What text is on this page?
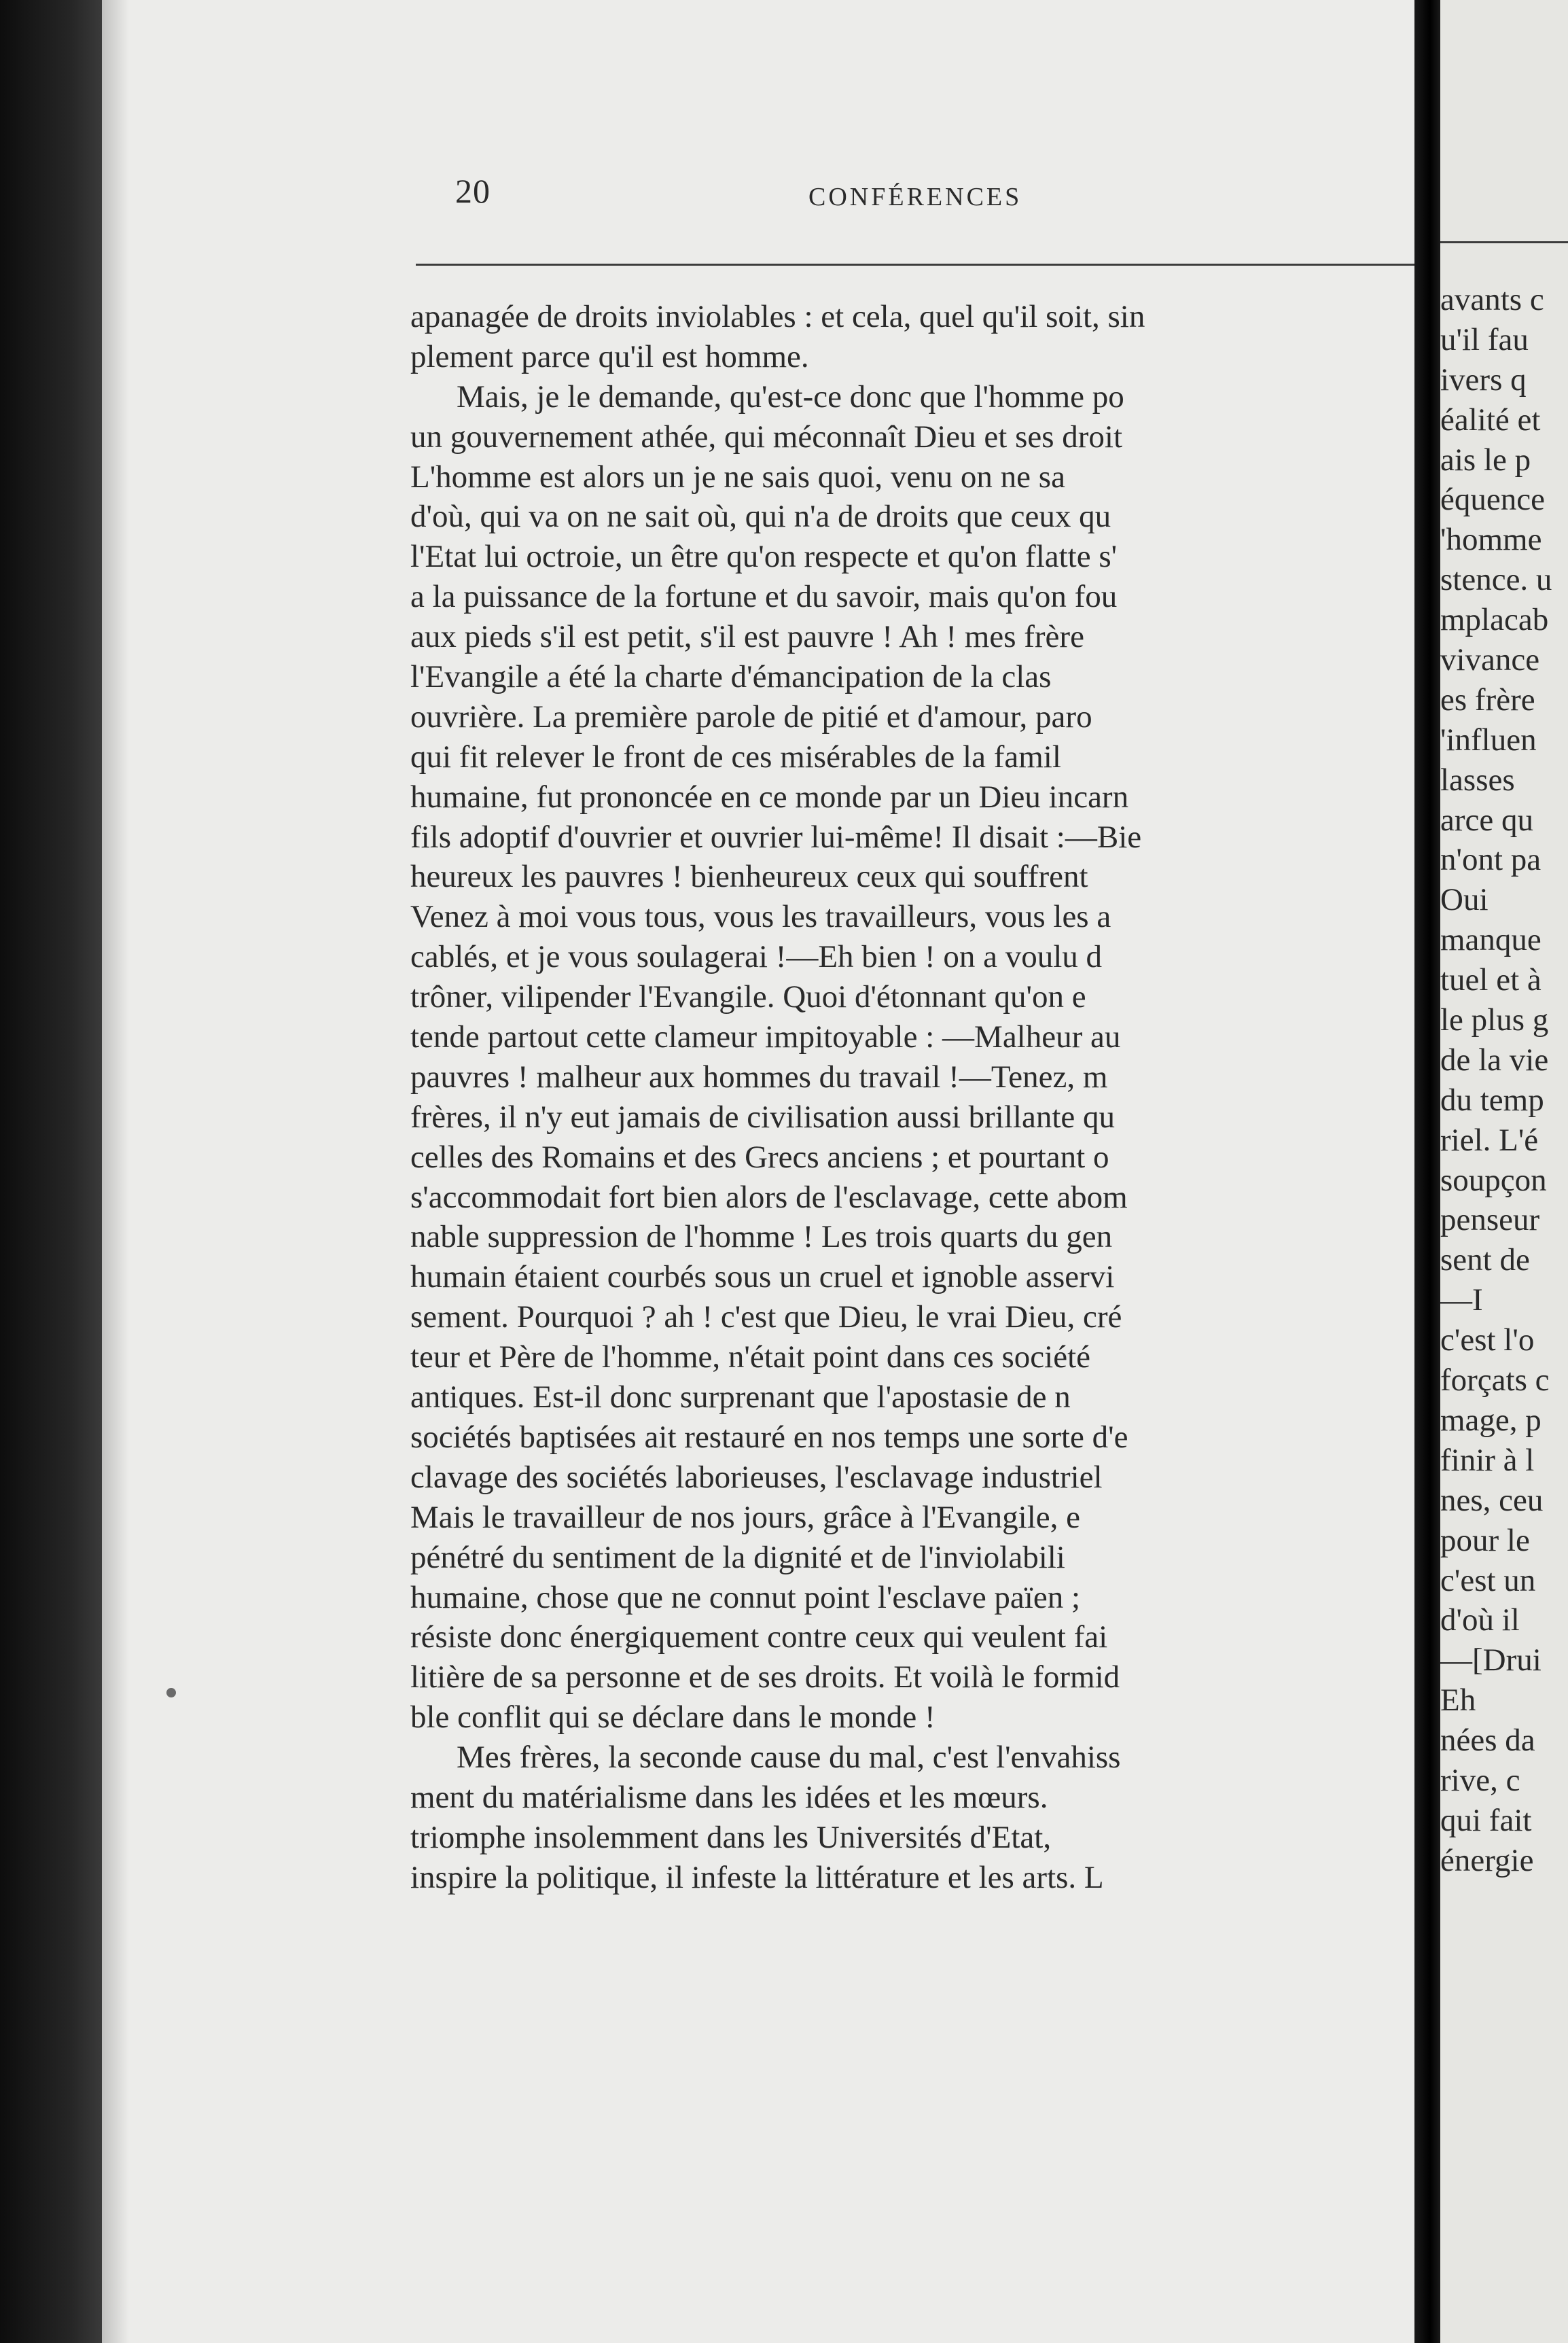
20	CONFÉRENCES
apanagée de droits inviolables : et cela, quel qu'il soit, sin
plement parce qu'il est homme.
Mais, je le demande, qu'est-ce donc que l'homme po
un gouvernement athée, qui méconnaît Dieu et ses droit
L'homme est alors un je ne sais quoi, venu on ne sa
d'où, qui va on ne sait où, qui n'a de droits que ceux qu
l'Etat lui octroie, un être qu'on respecte et qu'on flatte s'
a la puissance de la fortune et du savoir, mais qu'on fou
aux pieds s'il est petit, s'il est pauvre ! Ah ! mes frère
l'Evangile a été la charte d'émancipation de la clas
ouvrière. La première parole de pitié et d'amour, paro
qui fit relever le front de ces misérables de la famil
humaine, fut prononcée en ce monde par un Dieu incarn
fils adoptif d'ouvrier et ouvrier lui-même! Il disait :—Bie
heureux les pauvres ! bienheureux ceux qui souffrent
Venez à moi vous tous, vous les travailleurs, vous les a
cablés, et je vous soulagerai !—Eh bien ! on a voulu d
trôner, vilipender l'Evangile. Quoi d'étonnant qu'on e
tende partout cette clameur impitoyable : —Malheur au
pauvres ! malheur aux hommes du travail !—Tenez, m
frères, il n'y eut jamais de civilisation aussi brillante qu
celles des Romains et des Grecs anciens ; et pourtant o
s'accommodait fort bien alors de l'esclavage, cette abom
nable suppression de l'homme ! Les trois quarts du gen
humain étaient courbés sous un cruel et ignoble asservi
sement. Pourquoi ? ah ! c'est que Dieu, le vrai Dieu, cré
teur et Père de l'homme, n'était point dans ces société
antiques. Est-il donc surprenant que l'apostasie de n
sociétés baptisées ait restauré en nos temps une sorte d'e
clavage des sociétés laborieuses, l'esclavage industriel
Mais le travailleur de nos jours, grâce à l'Evangile, e
pénétré du sentiment de la dignité et de l'inviolabili
humaine, chose que ne connut point l'esclave païen ;
résiste donc énergiquement contre ceux qui veulent fai
litière de sa personne et de ses droits. Et voilà le formid
ble conflit qui se déclare dans le monde !
Mes frères, la seconde cause du mal, c'est l'envahiss
ment du matérialisme dans les idées et les mœurs.
triomphe insolemment dans les Universités d'Etat,
inspire la politique, il infeste la littérature et les arts. L
avants c
u'il fau
ivers q
éalité et
ais le p
équence
'homme
stence. u
mplacab
vivance
es frère
'influen
lasses
arce qu
n'ont pa
Oui
manque
tuel et à
le plus g
de la vie
du temp
riel. L'é
soupçon
penseur
sent de
—I
c'est l'o
forçats c
mage, p
finir à l
nes, ceu
pour le
c'est un
d'où il
—[Drui
Eh
nées da
rive, c
qui fait
énergie
